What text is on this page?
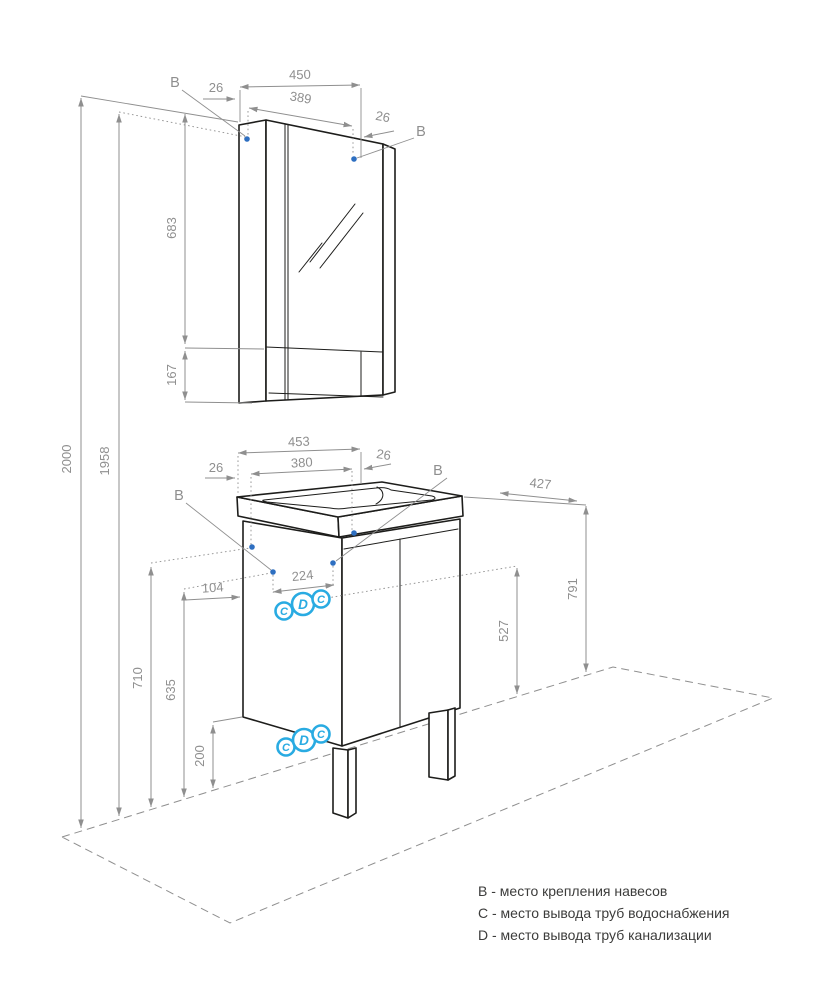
450
26
389
26
B
B
683
167
2000 1958
453
380
26
26
B
B
224
104
710
635
200
427
791
527
C D C
C D C
B - место крепления навесов
C - место вывода труб водоснабжения
D - место вывода труб канализации
